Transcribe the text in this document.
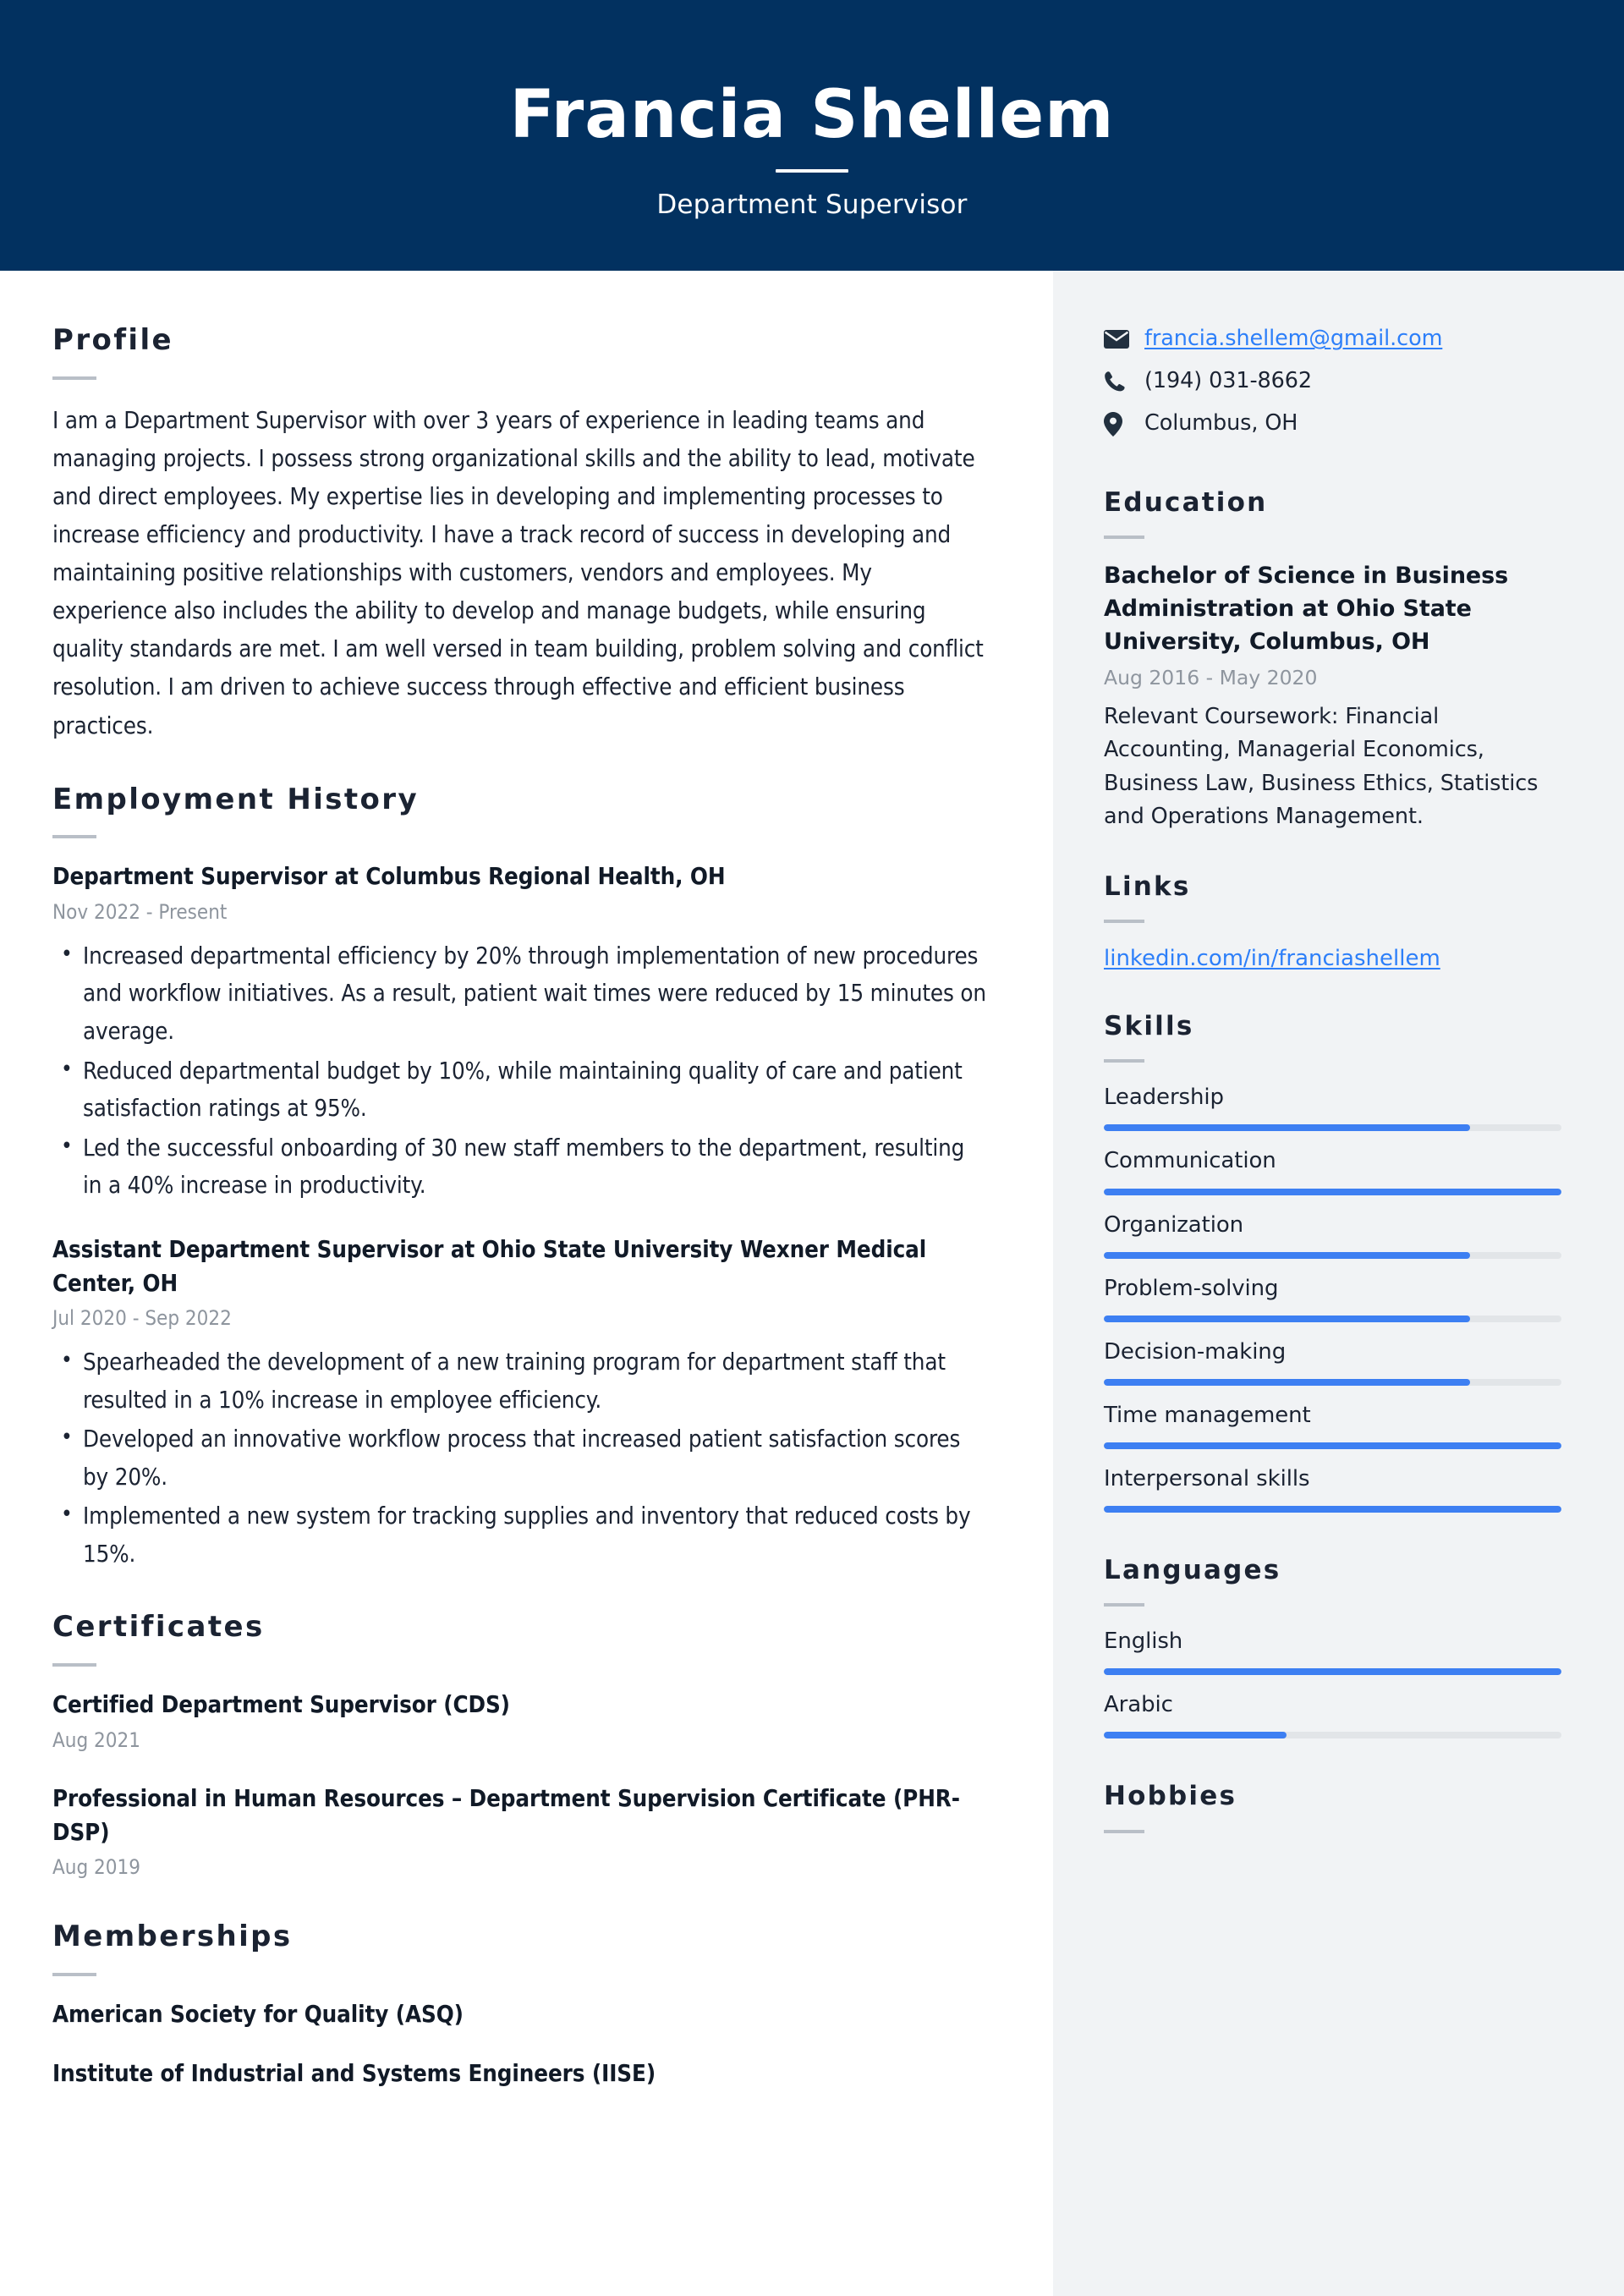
Francia Shellem
Department Supervisor
Profile

I am a Department Supervisor with over 3 years of experience in leading teams and managing projects. I possess strong organizational skills and the ability to lead, motivate and direct employees. My expertise lies in developing and implementing processes to increase efficiency and productivity. I have a track record of success in developing and maintaining positive relationships with customers, vendors and employees. My experience also includes the ability to develop and manage budgets, while ensuring quality standards are met. I am well versed in team building, problem solving and conflict resolution. I am driven to achieve success through effective and efficient business practices.

Employment History
Department Supervisor at Columbus Regional Health, OH
Nov 2022 - Present
• Increased departmental efficiency by 20% through implementation of new procedures and workflow initiatives. As a result, patient wait times were reduced by 15 minutes on average.
• Reduced departmental budget by 10%, while maintaining quality of care and patient satisfaction ratings at 95%.
• Led the successful onboarding of 30 new staff members to the department, resulting in a 40% increase in productivity.
Assistant Department Supervisor at Ohio State University Wexner Medical Center, OH
Jul 2020 - Sep 2022
• Spearheaded the development of a new training program for department staff that resulted in a 10% increase in employee efficiency.
• Developed an innovative workflow process that increased patient satisfaction scores by 20%.
• Implemented a new system for tracking supplies and inventory that reduced costs by 15%.
Certificates
Certified Department Supervisor (CDS)
Aug 2021
Professional in Human Resources – Department Supervision Certificate (PHR-DSP)
Aug 2019
Memberships
American Society for Quality (ASQ)
Institute of Industrial and Systems Engineers (IISE)
francia.shellem@gmail.com
(194) 031-8662
Columbus, OH
Education
Bachelor of Science in Business Administration at Ohio State University, Columbus, OH
Aug 2016 - May 2020
Relevant Coursework: Financial Accounting, Managerial Economics, Business Law, Business Ethics, Statistics and Operations Management.
Links
linkedin.com/in/franciashellem
Skills
Leadership
Communication
Organization
Problem-solving
Decision-making
Time management
Interpersonal skills
Languages
English
Arabic
Hobbies
